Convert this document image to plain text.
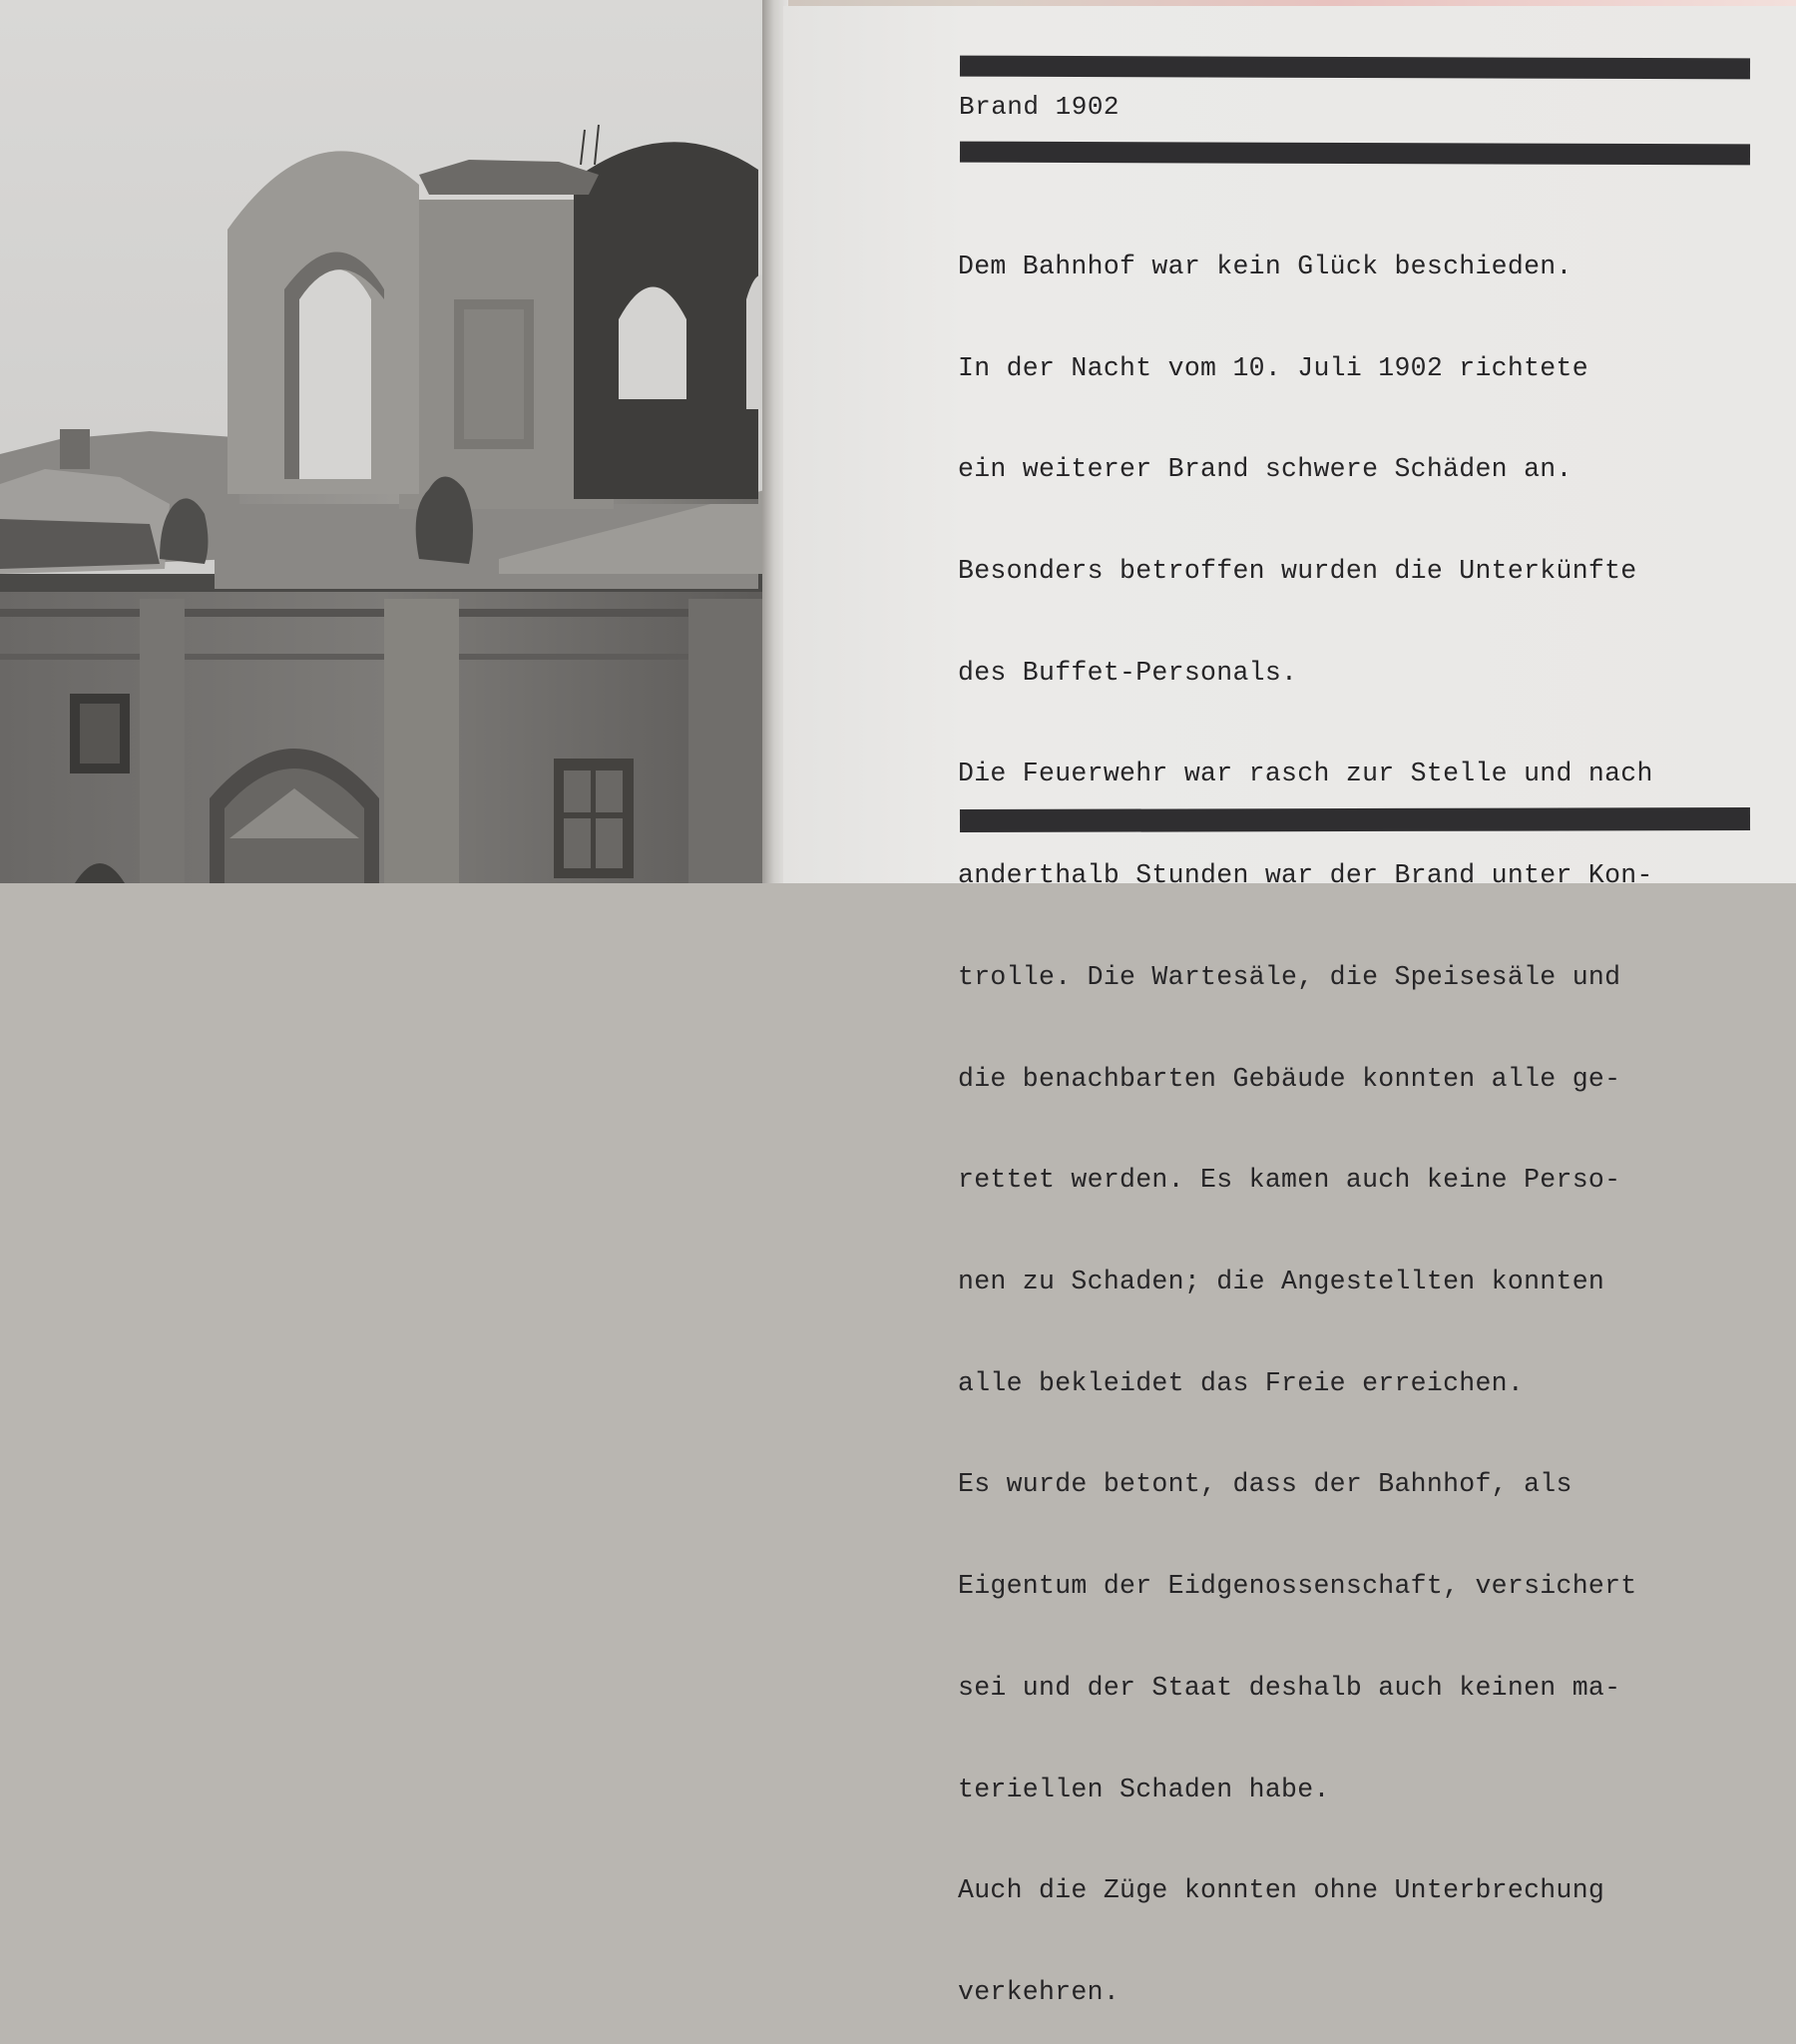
Brand 1902

Dem Bahnhof war kein Glück beschieden.

In der Nacht vom 10. Juli 1902 richtete

ein weiterer Brand schwere Schäden an.

Besonders betroffen wurden die Unterkünfte

des Buffet-Personals.

Die Feuerwehr war rasch zur Stelle und nach

anderthalb Stunden war der Brand unter Kon-

trolle. Die Wartesäle, die Speisesäle und

die benachbarten Gebäude konnten alle ge-

rettet werden. Es kamen auch keine Perso-

nen zu Schaden; die Angestellten konnten

alle bekleidet das Freie erreichen.

Es wurde betont, dass der Bahnhof, als

Eigentum der Eidgenossenschaft, versichert

sei und der Staat deshalb auch keinen ma-

teriellen Schaden habe.

Auch die Züge konnten ohne Unterbrechung

verkehren.
